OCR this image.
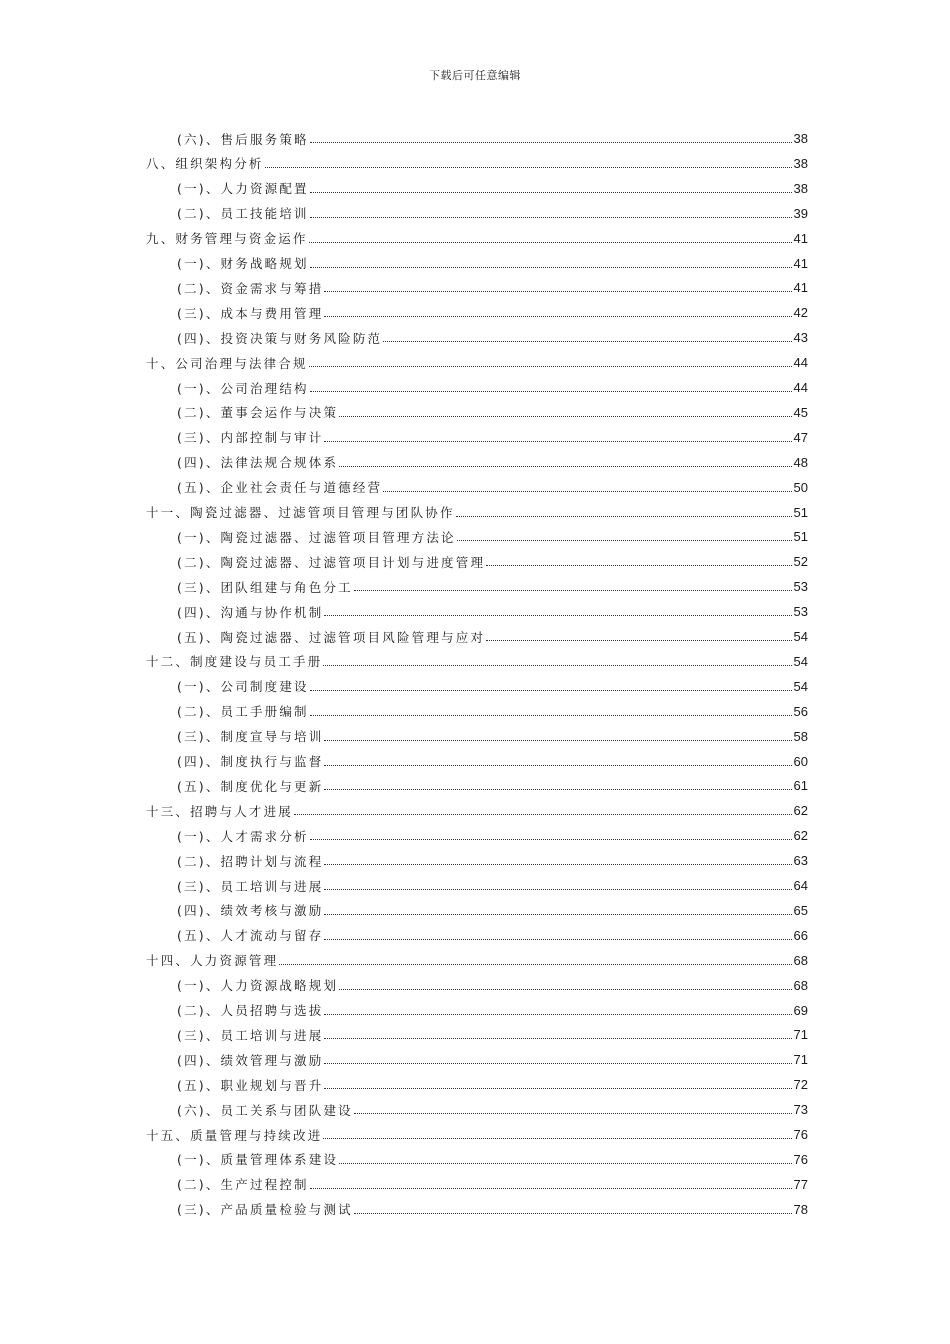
下载后可任意编辑
(六)、售后服务策略	38
八、组织架构分析	38
(一)、人力资源配置	38
(二)、员工技能培训	39
九、财务管理与资金运作	41
(一)、财务战略规划	41
(二)、资金需求与筹措	41
(三)、成本与费用管理	42
(四)、投资决策与财务风险防范	43
十、公司治理与法律合规	44
(一)、公司治理结构	44
(二)、董事会运作与决策	45
(三)、内部控制与审计	47
(四)、法律法规合规体系	48
(五)、企业社会责任与道德经营	50
十一、陶瓷过滤器、过滤管项目管理与团队协作	51
(一)、陶瓷过滤器、过滤管项目管理方法论	51
(二)、陶瓷过滤器、过滤管项目计划与进度管理	52
(三)、团队组建与角色分工	53
(四)、沟通与协作机制	53
(五)、陶瓷过滤器、过滤管项目风险管理与应对	54
十二、制度建设与员工手册	54
(一)、公司制度建设	54
(二)、员工手册编制	56
(三)、制度宣导与培训	58
(四)、制度执行与监督	60
(五)、制度优化与更新	61
十三、招聘与人才进展	62
(一)、人才需求分析	62
(二)、招聘计划与流程	63
(三)、员工培训与进展	64
(四)、绩效考核与激励	65
(五)、人才流动与留存	66
十四、人力资源管理	68
(一)、人力资源战略规划	68
(二)、人员招聘与选拔	69
(三)、员工培训与进展	71
(四)、绩效管理与激励	71
(五)、职业规划与晋升	72
(六)、员工关系与团队建设	73
十五、质量管理与持续改进	76
(一)、质量管理体系建设	76
(二)、生产过程控制	77
(三)、产品质量检验与测试	78
